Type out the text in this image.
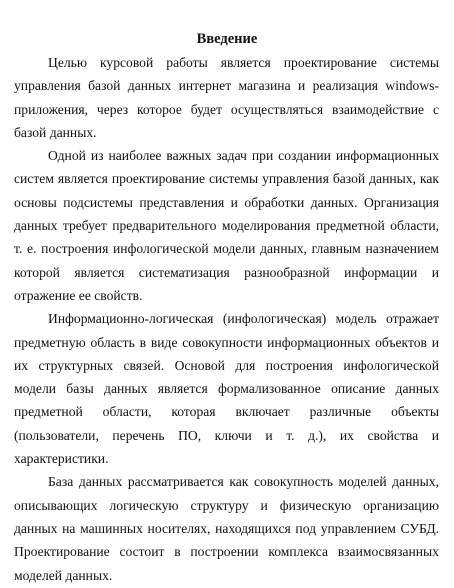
Введение

Целью курсовой работы является проектирование системы управления базой данных интернет магазина и реализация windows-приложения, через которое будет осуществляться взаимодействие с базой данных.

Одной из наиболее важных задач при создании информационных систем является проектирование системы управления базой данных, как основы подсистемы представления и обработки данных. Организация данных требует предварительного моделирования предметной области, т. е. построения инфологической модели данных, главным назначением которой является систематизация разнообразной информации и отражение ее свойств.

Информационно-логическая (инфологическая) модель отражает предметную область в виде совокупности информационных объектов и их структурных связей. Основой для построения инфологической модели базы данных является формализованное описание данных предметной области, которая включает различные объекты (пользователи, перечень ПО, ключи и т. д.), их свойства и характеристики.

База данных рассматривается как совокупность моделей данных, описывающих логическую структуру и физическую организацию данных на машинных носителях, находящихся под управлением СУБД. Проектирование состоит в построении комплекса взаимосвязанных моделей данных.
